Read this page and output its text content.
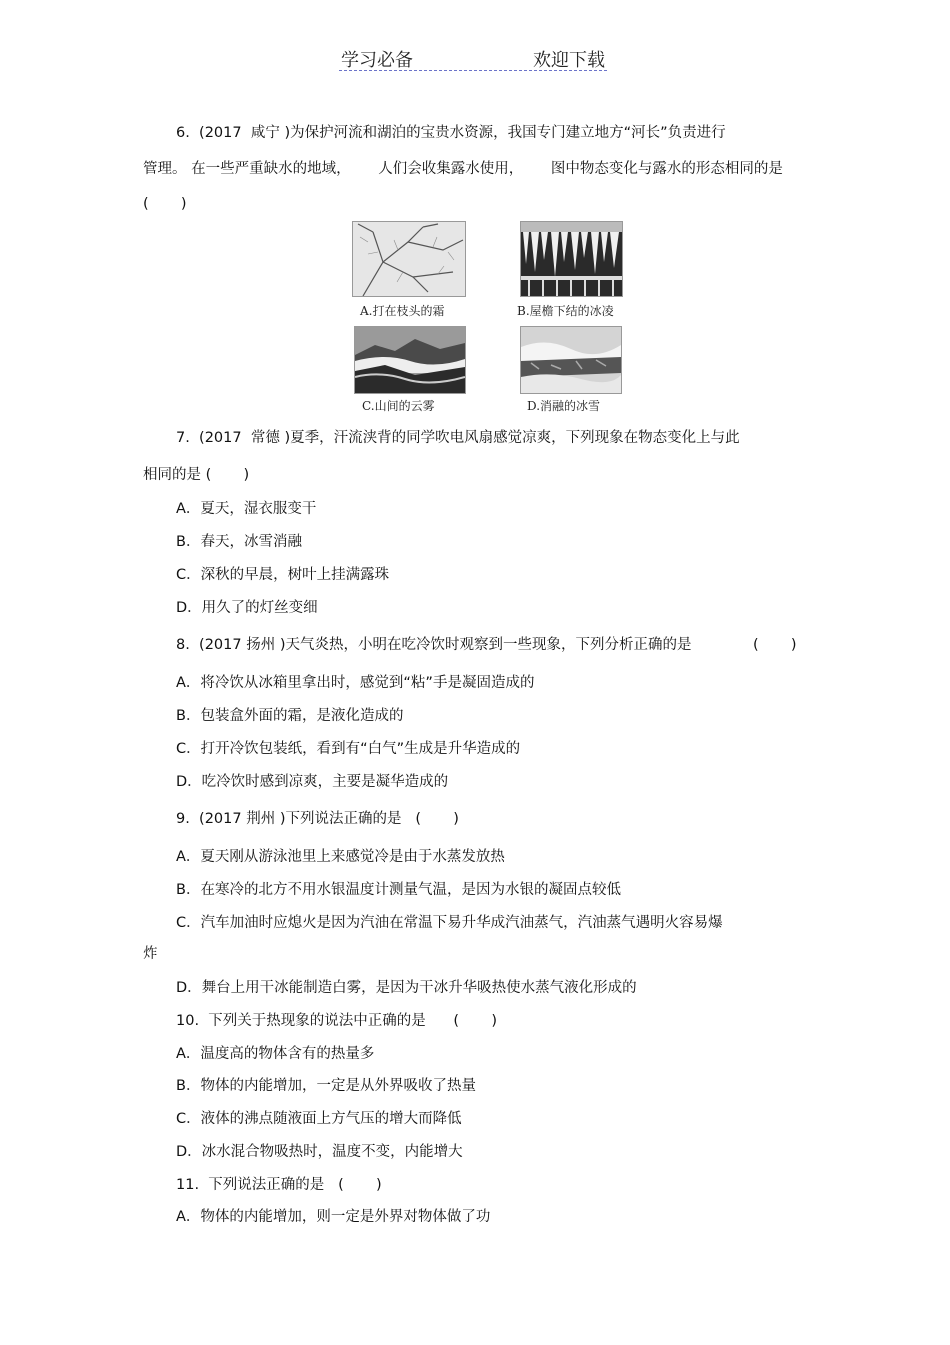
学习必备	欢迎下载
6.  (2017  咸宁 )为保护河流和湖泊的宝贵水资源，我国专门建立地方“河长”负责进行
管理。 在一些严重缺水的地域，      人们会收集露水使用，      图中物态变化与露水的形态相同的是
(       )
A.打在枝头的霜	B.屋檐下结的冰凌
C.山间的云雾	D.消融的冰雪
7.  (2017  常德 )夏季，汗流浃背的同学吹电风扇感觉凉爽，下列现象在物态变化上与此
相同的是 (       )
A．夏天，湿衣服变干
B．春天，冰雪消融
C．深秋的早晨，树叶上挂满露珠
D．用久了的灯丝变细
8.  (2017 扬州 )天气炎热，小明在吃冷饮时观察到一些现象，下列分析正确的是	(       )
A．将冷饮从冰箱里拿出时，感觉到“粘”手是凝固造成的
B．包装盒外面的霜，是液化造成的
C．打开冷饮包装纸，看到有“白气”生成是升华造成的
D．吃冷饮时感到凉爽，主要是凝华造成的
9.  (2017 荆州 )下列说法正确的是   (       )
A．夏天刚从游泳池里上来感觉冷是由于水蒸发放热
B．在寒冷的北方不用水银温度计测量气温，是因为水银的凝固点较低
C．汽车加油时应熄火是因为汽油在常温下易升华成汽油蒸气，汽油蒸气遇明火容易爆
炸
D．舞台上用干冰能制造白雾，是因为干冰升华吸热使水蒸气液化形成的
10.  下列关于热现象的说法中正确的是      (       )
A．温度高的物体含有的热量多
B．物体的内能增加，一定是从外界吸收了热量
C．液体的沸点随液面上方气压的增大而降低
D．冰水混合物吸热时，温度不变，内能增大
11.  下列说法正确的是   (       )
A．物体的内能增加，则一定是外界对物体做了功
